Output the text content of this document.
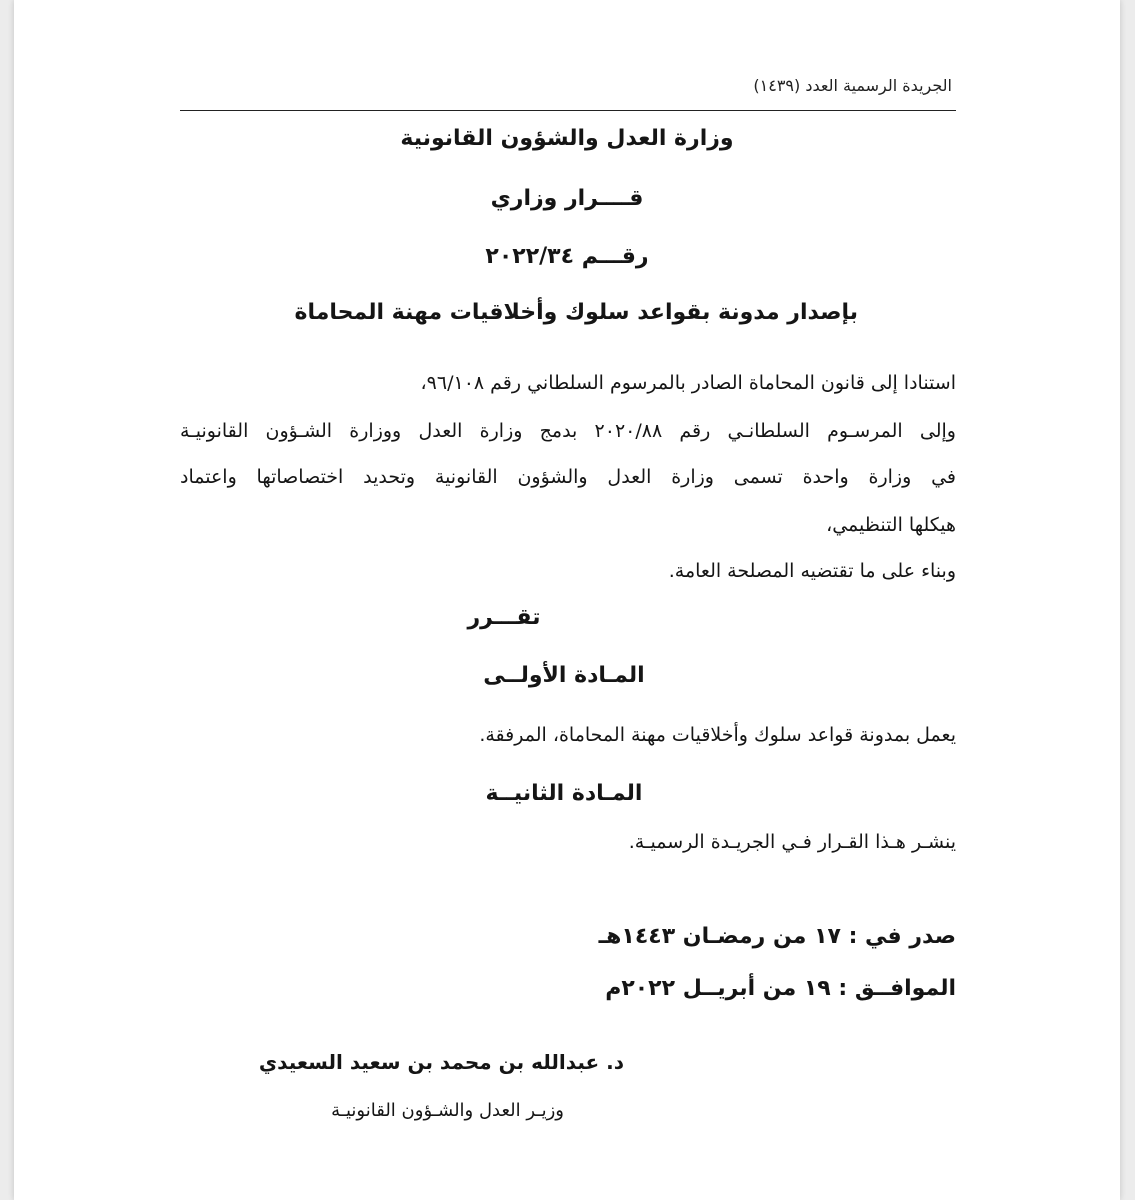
الجريدة الرسمية العدد (١٤٣٩)
وزارة العدل والشؤون القانونية
قــــرار وزاري
رقـــم ٢٠٢٢/٣٤
بإصدار مدونة بقواعد سلوك وأخلاقيات مهنة المحاماة
استنادا إلى قانون المحاماة الصادر بالمرسوم السلطاني رقم ٩٦/١٠٨،
وإلى المرسـوم السلطانـي رقم ٢٠٢٠/٨٨ بدمج وزارة العدل ووزارة الشـؤون القانونيـة
في وزارة واحدة تسمى وزارة العدل والشؤون القانونية وتحديد اختصاصاتها واعتماد
هيكلها التنظيمي،
وبناء على ما تقتضيه المصلحة العامة.
تقـــرر
المـادة الأولــى
يعمل بمدونة قواعد سلوك وأخلاقيات مهنة المحاماة، المرفقة.
المـادة الثانيــة
ينشـر هـذا القـرار فـي الجريـدة الرسميـة.
صدر في : ١٧ من رمضـان ١٤٤٣هـ
الموافــق : ١٩ من أبريــل ٢٠٢٢م
د. عبدالله بن محمد بن سعيد السعيدي
وزيـر العدل والشـؤون القانونيـة
